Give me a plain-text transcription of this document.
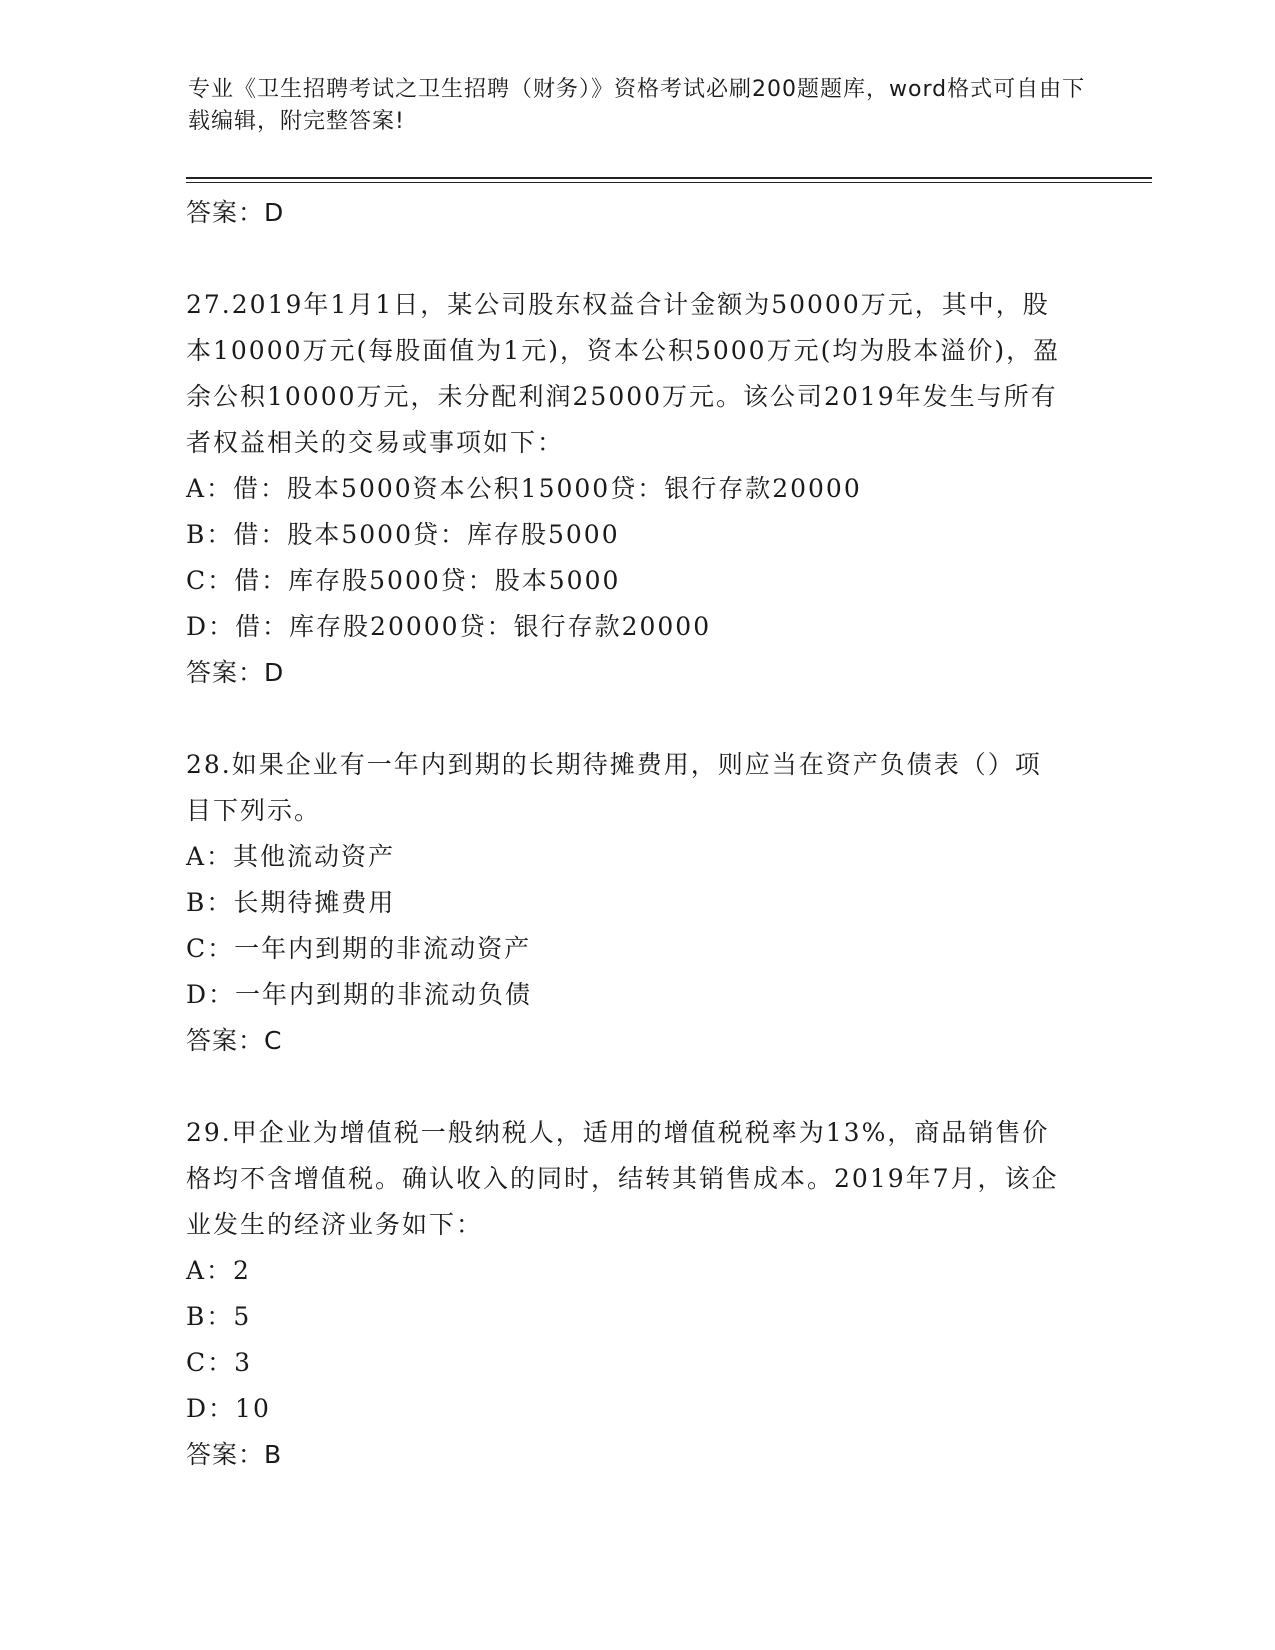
专业《卫生招聘考试之卫生招聘（财务）》资格考试必刷200题题库，word格式可自由下载编辑，附完整答案!
答案：D
27.2019年1月1日，某公司股东权益合计金额为50000万元，其中，股本10000万元(每股面值为1元)，资本公积5000万元(均为股本溢价)，盈余公积10000万元，未分配利润25000万元。该公司2019年发生与所有者权益相关的交易或事项如下：
A：借：股本5000资本公积15000贷：银行存款20000
B：借：股本5000贷：库存股5000
C：借：库存股5000贷：股本5000
D：借：库存股20000贷：银行存款20000
答案：D
28.如果企业有一年内到期的长期待摊费用，则应当在资产负债表（）项目下列示。
A：其他流动资产
B：长期待摊费用
C：一年内到期的非流动资产
D：一年内到期的非流动负债
答案：C
29.甲企业为增值税一般纳税人，适用的增值税税率为13%，商品销售价格均不含增值税。确认收入的同时，结转其销售成本。2019年7月，该企业发生的经济业务如下：
A：2
B：5
C：3
D：10
答案：B
